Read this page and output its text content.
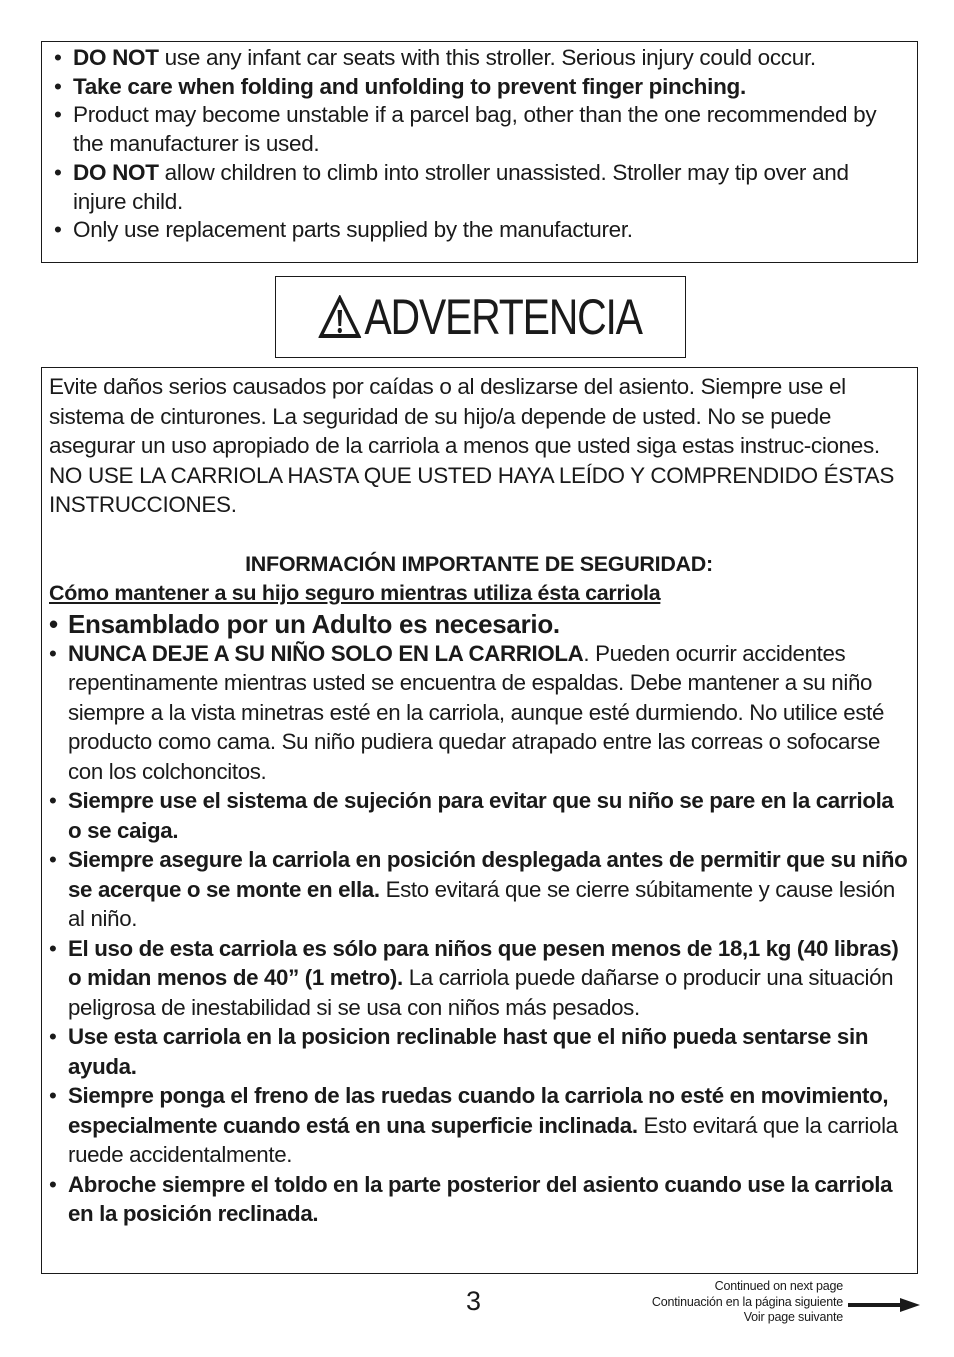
• DO NOT use any infant car seats with this stroller. Serious injury could occur.
• Take care when folding and unfolding to prevent finger pinching.
• Product may become unstable if a parcel bag, other than the one recommended by the manufacturer is used.
• DO NOT allow children to climb into stroller unassisted. Stroller may tip over and injure child.
• Only use replacement parts supplied by the manufacturer.
ADVERTENCIA
Evite daños serios causados por caídas o al deslizarse del asiento. Siempre use el sistema de cinturones. La seguridad de su hijo/a depende de usted. No se puede asegurar un uso apropiado de la carriola a menos que usted siga estas instruc-ciones. NO USE LA CARRIOLA HASTA QUE USTED HAYA LEÍDO Y COMPRENDIDO ÉSTAS INSTRUCCIONES.
INFORMACIÓN IMPORTANTE DE SEGURIDAD:
Cómo mantener a su hijo seguro mientras utiliza ésta carriola
• Ensamblado por un Adulto es necesario.
• NUNCA DEJE A SU NIÑO SOLO EN LA CARRIOLA. Pueden ocurrir accidentes repentinamente mientras usted se encuentra de espaldas. Debe mantener a su niño siempre a la vista minetras esté en la carriola, aunque esté durmiendo. No utilice esté producto como cama. Su niño pudiera quedar atrapado entre las correas o sofocarse con los colchoncitos.
• Siempre use el sistema de sujeción para evitar que su niño se pare en la carriola o se caiga.
• Siempre asegure la carriola en posición desplegada antes de permitir que su niño se acerque o se monte en ella. Esto evitará que se cierre súbitamente y cause lesión al niño.
• El uso de esta carriola es sólo para niños que pesen menos de 18,1 kg (40 libras) o midan menos de 40” (1 metro). La carriola puede dañarse o producir una situación peligrosa de inestabilidad si se usa con niños más pesados.
• Use esta carriola en la posicion reclinable hast que el niño pueda sentarse sin ayuda.
• Siempre ponga el freno de las ruedas cuando la carriola no esté en movimiento, especialmente cuando está en una superficie inclinada. Esto evitará que la carriola ruede accidentalmente.
• Abroche siempre el toldo en la parte posterior del asiento cuando use la carriola en la posición reclinada.
3	Continued on next page
Continuación en la página siguiente
Voir page suivante
